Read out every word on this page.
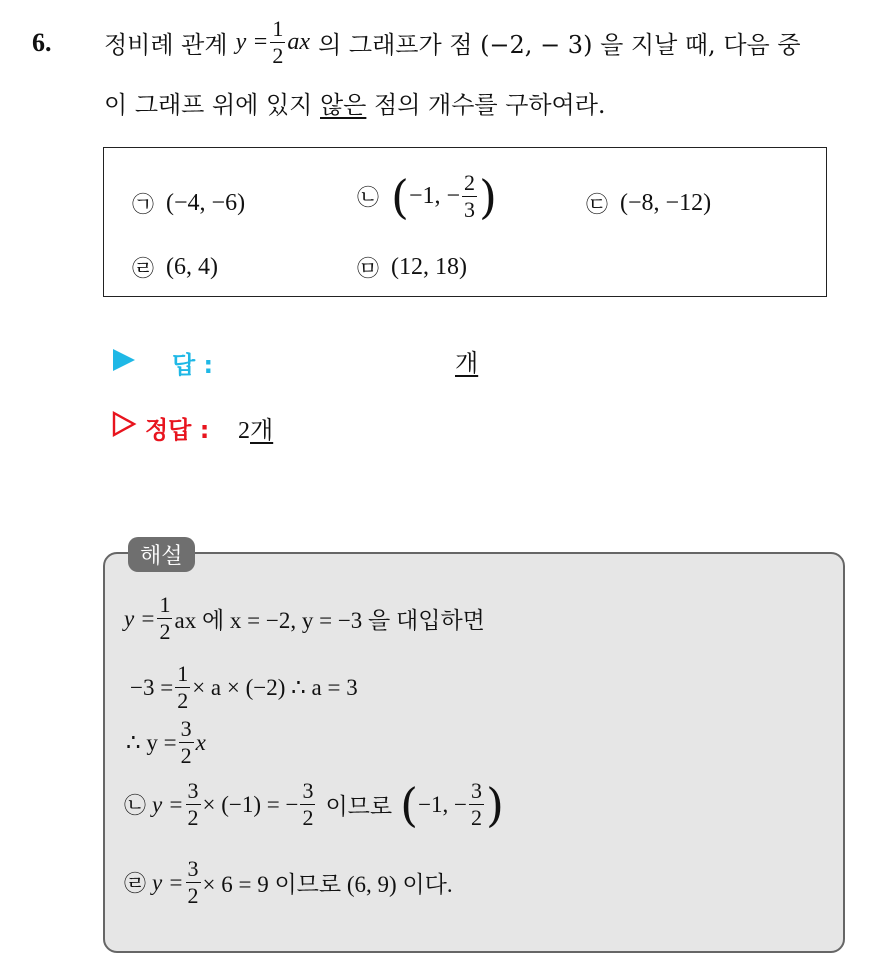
6. 정비례 관계 $y = \frac{1}{2}$ ax 의 그래프가 점 (−2, − 3) 을 지날 때, 다음 중
이 그래프 위에 있지 않은 점의 개수를 구하여라.
㉠ (−4, −6)	㉡ ( −1, − $\frac{2}{3}$ )	㉢ (−8, −12)
㉣ (6, 4)	㉤ (12, 18)
답 :	개
정답 : 2개
해설
$y = \frac{1}{2}$ ax 에 x = −2, y = −3 을 대입하면
$-3 = \frac{1}{2} \times a \times (-2)$ ∴ a = 3
∴ $y = \frac{3}{2}$ x
㉡ $y = \frac{3}{2} \times (-1)$ = − $\frac{3}{2}$ 이므로 ( −1, − $\frac{3}{2}$ )
㉣ $y = \frac{3}{2} \times 6 = 9$ 이므로 (6, 9) 이다.
